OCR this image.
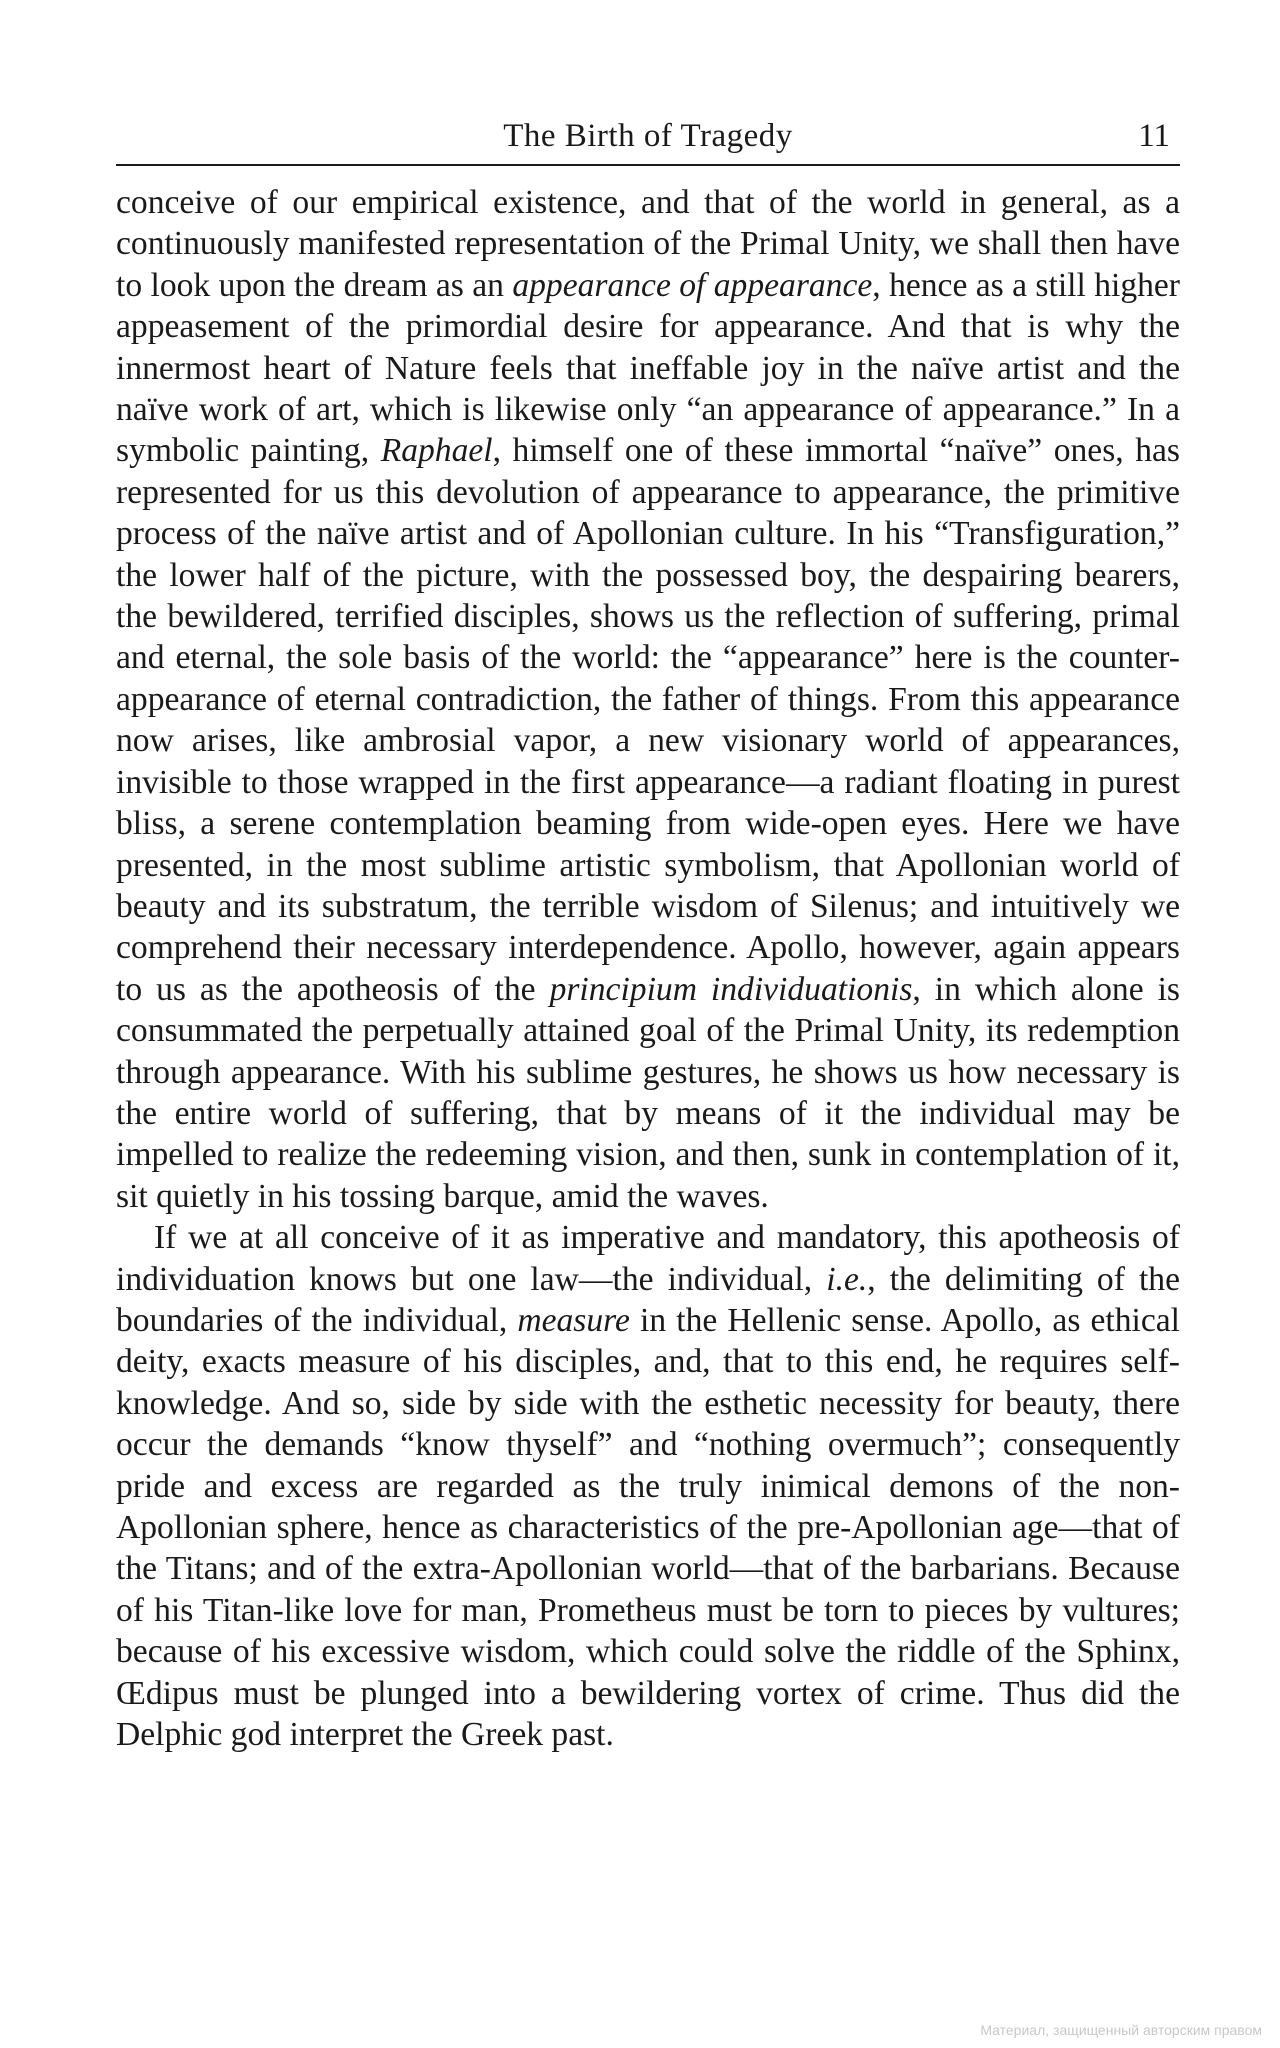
The Birth of Tragedy	11

conceive of our empirical existence, and that of the world in general, as a continuously manifested representation of the Primal Unity, we shall then have to look upon the dream as an appearance of appearance, hence as a still higher appeasement of the primordial desire for appearance. And that is why the innermost heart of Nature feels that ineffable joy in the naïve artist and the naïve work of art, which is likewise only “an appearance of appearance.” In a symbolic painting, Raphael, himself one of these immortal “naïve” ones, has represented for us this devolution of appearance to appearance, the primitive process of the naïve artist and of Apollonian culture. In his “Transfiguration,” the lower half of the picture, with the possessed boy, the despairing bearers, the bewildered, terrified disciples, shows us the reflection of suffering, primal and eternal, the sole basis of the world: the “appearance” here is the counter-appearance of eternal contradiction, the father of things. From this appearance now arises, like ambrosial vapor, a new visionary world of appearances, invisible to those wrapped in the first appearance—a radiant floating in purest bliss, a serene contemplation beaming from wide-open eyes. Here we have presented, in the most sublime artistic symbolism, that Apollonian world of beauty and its substratum, the terrible wisdom of Silenus; and intuitively we comprehend their necessary interdependence. Apollo, however, again appears to us as the apotheosis of the principium individuationis, in which alone is consummated the perpetually attained goal of the Primal Unity, its redemption through appearance. With his sublime gestures, he shows us how necessary is the entire world of suffering, that by means of it the individual may be impelled to realize the redeeming vision, and then, sunk in contemplation of it, sit quietly in his tossing barque, amid the waves.

If we at all conceive of it as imperative and mandatory, this apotheosis of individuation knows but one law—the individual, i.e., the delimiting of the boundaries of the individual, measure in the Hellenic sense. Apollo, as ethical deity, exacts measure of his disciples, and, that to this end, he requires self-knowledge. And so, side by side with the esthetic necessity for beauty, there occur the demands “know thyself” and “nothing overmuch”; consequently pride and excess are regarded as the truly inimical demons of the non-Apollonian sphere, hence as characteristics of the pre-Apollonian age—that of the Titans; and of the extra-Apollonian world—that of the barbarians. Because of his Titan-like love for man, Prometheus must be torn to pieces by vultures; because of his excessive wisdom, which could solve the riddle of the Sphinx, Œdipus must be plunged into a bewildering vortex of crime. Thus did the Delphic god interpret the Greek past.

Материал, защищенный авторским правом
